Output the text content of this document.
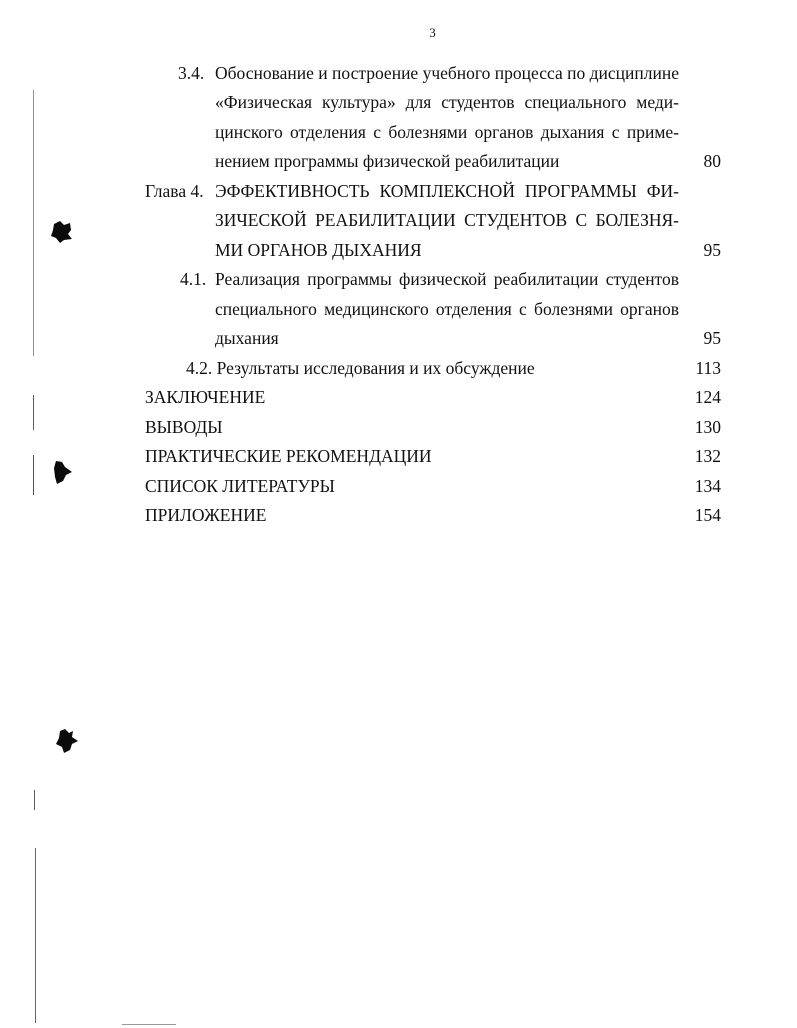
3
3.4. Обоснование и построение учебного процесса по дисциплине
«Физическая культура» для студентов специального меди-
цинского отделения с болезнями органов дыхания с приме-
нением программы физической реабилитации	80
Глава 4. ЭФФЕКТИВНОСТЬ КОМПЛЕКСНОЙ ПРОГРАММЫ ФИ-
ЗИЧЕСКОЙ РЕАБИЛИТАЦИИ СТУДЕНТОВ С БОЛЕЗНЯ-
МИ ОРГАНОВ ДЫХАНИЯ	95
4.1. Реализация программы физической реабилитации студентов
специального медицинского отделения с болезнями органов
дыхания	95
4.2. Результаты исследования и их обсуждение	113
ЗАКЛЮЧЕНИЕ	124
ВЫВОДЫ	130
ПРАКТИЧЕСКИЕ РЕКОМЕНДАЦИИ	132
СПИСОК ЛИТЕРАТУРЫ	134
ПРИЛОЖЕНИЕ	154
